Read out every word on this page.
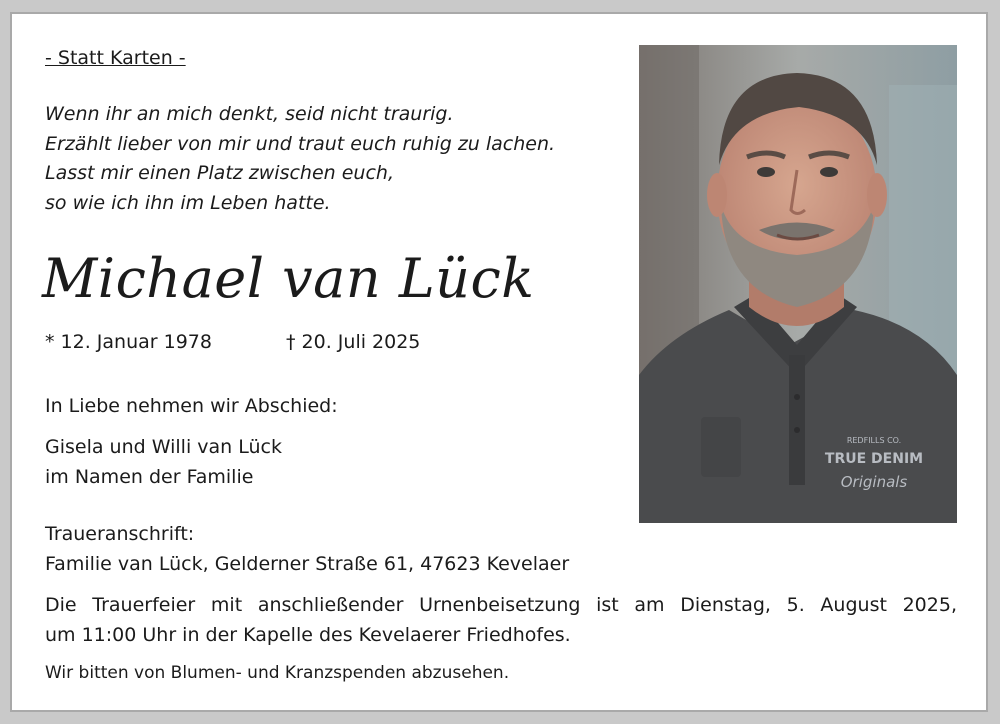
- Statt Karten -
Wenn ihr an mich denkt, seid nicht traurig.
Erzählt lieber von mir und traut euch ruhig zu lachen.
Lasst mir einen Platz zwischen euch,
so wie ich ihn im Leben hatte.
Michael van Lück
* 12. Januar 1978	† 20. Juli 2025
In Liebe nehmen wir Abschied:
Gisela und Willi van Lück
im Namen der Familie
Traueranschrift:
Familie van Lück, Gelderner Straße 61, 47623 Kevelaer
Die Trauerfeier mit anschließender Urnenbeisetzung ist am Dienstag, 5. August 2025,
um 11:00 Uhr in der Kapelle des Kevelaerer Friedhofes.
Wir bitten von Blumen- und Kranzspenden abzusehen.
REDFILLS CO.
TRUE DENIM
Originals
